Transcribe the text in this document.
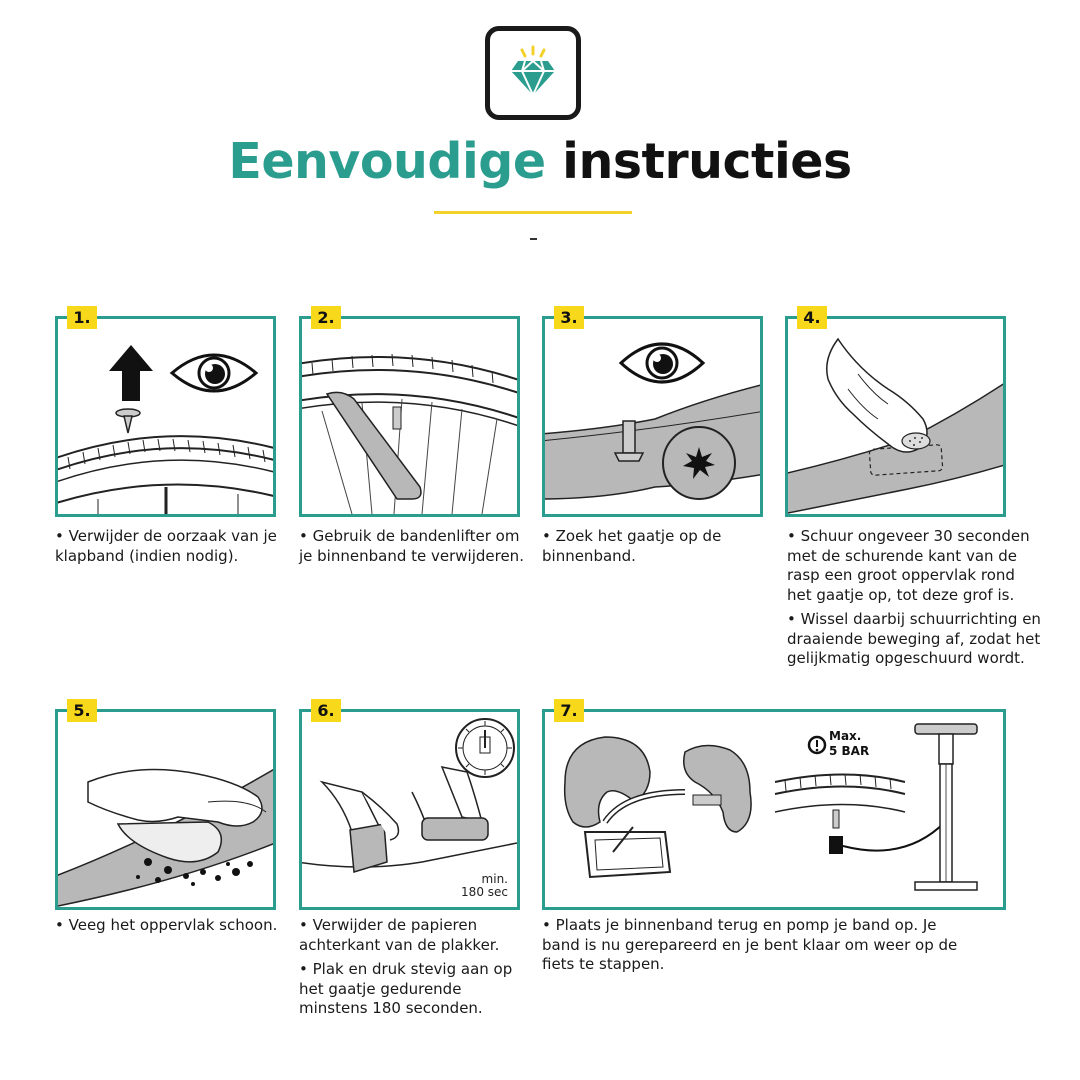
Eenvoudige instructies
1.

• Verwijder de oorzaak van je klapband (indien nodig).

2.

• Gebruik de bandenlifter om je binnenband te verwijderen.

3.

• Zoek het gaatje op de binnenband.

4.

• Schuur ongeveer 30 seconden met de schurende kant van de rasp een groot oppervlak rond het gaatje op, tot deze grof is.

• Wissel daarbij schuurrichting en draaiende beweging af, zodat het gelijkmatig opgeschuurd wordt.

5.

• Veeg het oppervlak schoon.

6.
min.
180 sec

• Verwijder de papieren achterkant van de plakker.

• Plak en druk stevig aan op het gaatje gedurende minstens 180 seconden.

7.
Max.
5 BAR

• Plaats je binnenband terug en pomp je band op. Je band is nu gerepareerd en je bent klaar om weer op de fiets te stappen.
